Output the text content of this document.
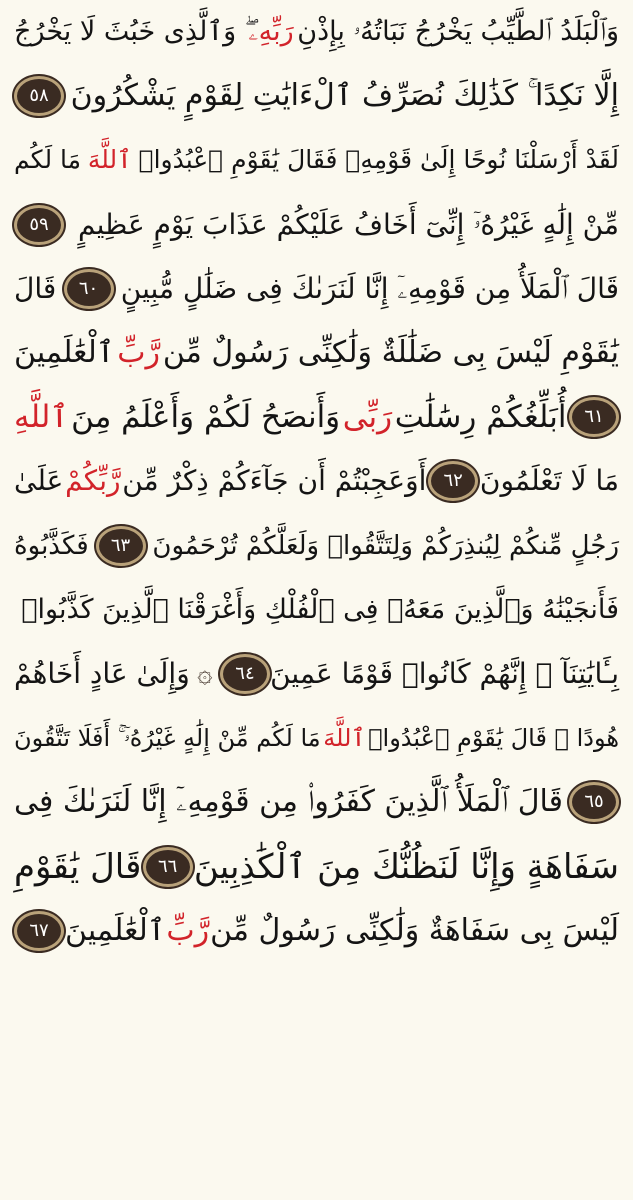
وَٱلْبَلَدُ ٱلطَّيِّبُ يَخْرُجُ نَبَاتُهُۥ بِإِذْنِ
رَبِّهِۦ
ۖ وَٱلَّذِى خَبُثَ لَا يَخْرُجُ
إِلَّا نَكِدًا ۚ كَذَٰلِكَ نُصَرِّفُ ٱلْءَايَٰتِ لِقَوْمٍ يَشْكُرُونَ
٥٨
لَقَدْ أَرْسَلْنَا نُوحًا إِلَىٰ قَوْمِهِۦ فَقَالَ يَٰقَوْمِ ٱعْبُدُوا۟
ٱللَّهَ
مَا لَكُم
مِّنْ إِلَٰهٍ غَيْرُهُۥٓ إِنِّىٓ أَخَافُ عَلَيْكُمْ عَذَابَ يَوْمٍ عَظِيمٍ
٥٩
قَالَ ٱلْمَلَأُ مِن قَوْمِهِۦٓ إِنَّا لَنَرَىٰكَ فِى ضَلَٰلٍ مُّبِينٍ
٦٠
قَالَ
يَٰقَوْمِ لَيْسَ بِى ضَلَٰلَةٌ وَلَٰكِنِّى رَسُولٌ مِّن
رَّبِّ
ٱلْعَٰلَمِينَ
٦١
أُبَلِّغُكُمْ رِسَٰلَٰتِ
رَبِّى
وَأَنصَحُ لَكُمْ وَأَعْلَمُ مِنَ
ٱللَّهِ
مَا لَا تَعْلَمُونَ
٦٢
أَوَعَجِبْتُمْ أَن جَآءَكُمْ ذِكْرٌ مِّن
رَّبِّكُمْ
عَلَىٰ
رَجُلٍ مِّنكُمْ لِيُنذِرَكُمْ وَلِتَتَّقُوا۟ وَلَعَلَّكُمْ تُرْحَمُونَ
٦٣
فَكَذَّبُوهُ
فَأَنجَيْنَٰهُ وَٱلَّذِينَ مَعَهُۥ فِى ٱلْفُلْكِ وَأَغْرَقْنَا ٱلَّذِينَ كَذَّبُوا۟
بِـَٔايَٰتِنَآ ۚ إِنَّهُمْ كَانُوا۟ قَوْمًا عَمِينَ
٦٤
۞
وَإِلَىٰ عَادٍ أَخَاهُمْ
هُودًا ۗ قَالَ يَٰقَوْمِ ٱعْبُدُوا۟
ٱللَّهَ
مَا لَكُم مِّنْ إِلَٰهٍ غَيْرُهُۥٓ ۚ أَفَلَا تَتَّقُونَ
٦٥
قَالَ ٱلْمَلَأُ ٱلَّذِينَ كَفَرُوا۟ مِن قَوْمِهِۦٓ إِنَّا لَنَرَىٰكَ فِى
سَفَاهَةٍ وَإِنَّا لَنَظُنُّكَ مِنَ ٱلْكَٰذِبِينَ
٦٦
قَالَ يَٰقَوْمِ
لَيْسَ بِى سَفَاهَةٌ وَلَٰكِنِّى رَسُولٌ مِّن
رَّبِّ
ٱلْعَٰلَمِينَ
٦٧
